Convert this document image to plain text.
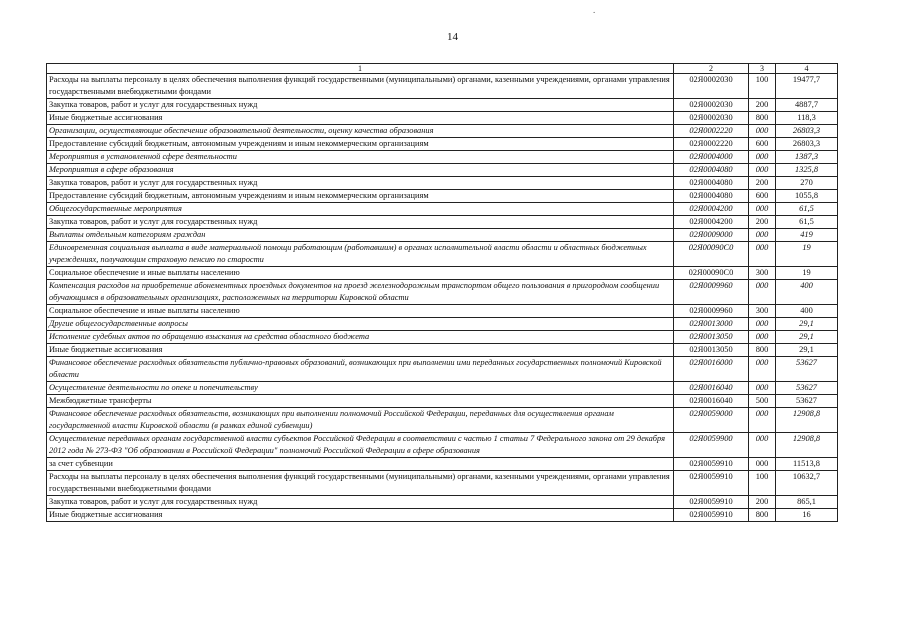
.
14
1	2	3	4
Расходы на выплаты персоналу в целях обеспечения выполнения функций государственными (муниципальными) органами, казенными учреждениями, органами управления государственными внебюджетными фондами	02Я0002030	100	19477,7
Закупка товаров, работ и услуг для государственных нужд	02Я0002030	200	4887,7
Иные бюджетные ассигнования	02Я0002030	800	118,3
Организации, осуществляющие обеспечение образовательной деятельности, оценку качества образования	02Я0002220	000	26803,3
Предоставление субсидий бюджетным, автономным учреждениям и иным некоммерческим организациям	02Я0002220	600	26803,3
Мероприятия в установленной сфере деятельности	02Я0004000	000	1387,3
Мероприятия в сфере образования	02Я0004080	000	1325,8
Закупка товаров, работ и услуг для государственных нужд	02Я0004080	200	270
Предоставление субсидий бюджетным, автономным учреждениям и иным некоммерческим организациям	02Я0004080	600	1055,8
Общегосударственные мероприятия	02Я0004200	000	61,5
Закупка товаров, работ и услуг для государственных нужд	02Я0004200	200	61,5
Выплаты отдельным категориям граждан	02Я0009000	000	419
Единовременная социальная выплата в виде материальной помощи работающим (работавшим) в органах исполнительной власти области и областных бюджетных учреждениях, получающим страховую пенсию по старости	02Я00090С0	000	19
Социальное обеспечение и иные выплаты населению	02Я00090С0	300	19
Компенсация расходов на приобретение абонементных проездных документов на проезд железнодорожным транспортом общего пользования в пригородном сообщении обучающимся в образовательных организациях, расположенных на территории Кировской области	02Я0009960	000	400
Социальное обеспечение и иные выплаты населению	02Я0009960	300	400
Другие общегосударственные вопросы	02Я0013000	000	29,1
Исполнение судебных актов по обращению взыскания на средства областного бюджета	02Я0013050	000	29,1
Иные бюджетные ассигнования	02Я0013050	800	29,1
Финансовое обеспечение расходных обязательств публично-правовых образований, возникающих при выполнении ими переданных государственных полномочий Кировской области	02Я0016000	000	53627
Осуществление деятельности по опеке и попечительству	02Я0016040	000	53627
Межбюджетные трансферты	02Я0016040	500	53627
Финансовое обеспечение расходных обязательств, возникающих при выполнении полномочий Российской Федерации, переданных для осуществления органам государственной власти Кировской области (в рамках единой субвенции)	02Я0059000	000	12908,8
Осуществление переданных органам государственной власти субъектов Российской Федерации в соответствии с частью 1 статьи 7 Федерального закона от 29 декабря 2012 года № 273-ФЗ "Об образовании в Российской Федерации" полномочий Российской Федерации в сфере образования	02Я0059900	000	12908,8
за счет субвенции	02Я0059910	000	11513,8
Расходы на выплаты персоналу в целях обеспечения выполнения функций государственными (муниципальными) органами, казенными учреждениями, органами управления государственными внебюджетными фондами	02Я0059910	100	10632,7
Закупка товаров, работ и услуг для государственных нужд	02Я0059910	200	865,1
Иные бюджетные ассигнования	02Я0059910	800	16
